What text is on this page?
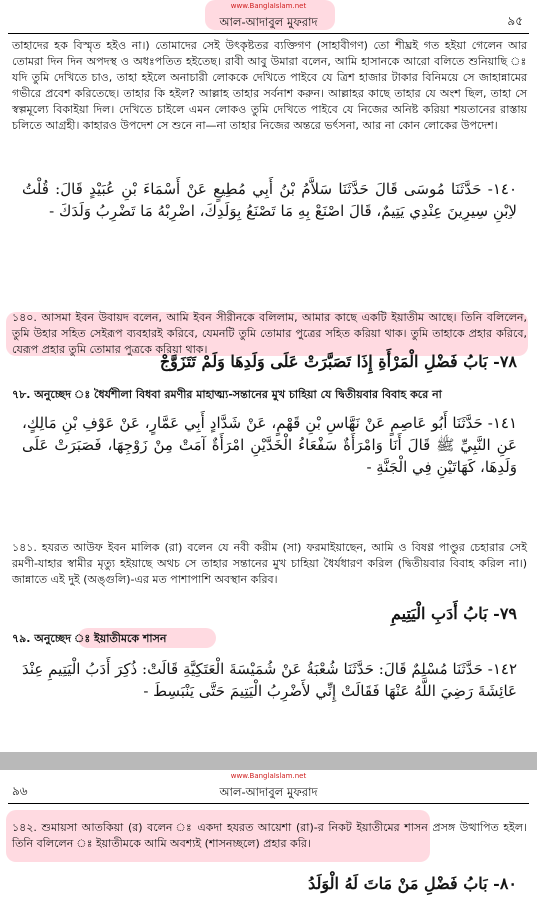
www.BanglaIslam.net
আল-আদাবুল মুফরাদ	৯৫
তাহাদের হক বিস্মৃত হইও না।) তোমাদের সেই উৎকৃষ্টতর ব্যক্তিগণ (সাহাবীগণ) তো শীঘ্রই গত হইয়া গেলেন আর তোমরা দিন দিন অপদস্থ ও অধঃপতিত হইতেছ। রাবী আবু উমারা বলেন, আমি হাসানকে আরো বলিতে শুনিয়াছি ঃ যদি তুমি দেখিতে চাও, তাহা হইলে অনাচারী লোককে দেখিতে পাইবে যে ত্রিশ হাজার টাকার বিনিময়ে সে জাহান্নামের গভীরে প্রবেশ করিতেছে। তাহার কি হইল? আল্লাহ তাহার সর্বনাশ করুন। আল্লাহর কাছে তাহার যে অংশ ছিল, তাহা সে স্বল্পমূল্যে বিকাইয়া দিল। দেখিতে চাইলে এমন লোকও তুমি দেখিতে পাইবে যে নিজের অনিষ্ট করিয়া শয়তানের রাস্তায় চলিতে আগ্রহী। কাহারও উপদেশ সে শুনে না—না তাহার নিজের অন্তরে ভর্ৎসনা, আর না কোন লোকের উপদেশ।
١٤٠- حَدَّثَنَا مُوسَى قَالَ حَدَّثَنَا سَلاَّمُ بْنُ أَبِي مُطِيعٍ عَنْ أَسْمَاءَ بْنِ عُبَيْدٍ قَالَ: قُلْتُ لاِبْنِ سِيرِينَ عِنْدِي يَتِيمٌ، قَالَ اصْنَعْ بِهِ مَا تَصْنَعُ بِوَلَدِكَ، اضْرِبْهُ مَا تَضْرِبُ وَلَدَكَ -
১৪০. আসমা ইবন উবায়দ বলেন, আমি ইবন সীরীনকে বলিলাম, আমার কাছে একটি ইয়াতীম আছে। তিনি বলিলেন, তুমি উহার সহিত সেইরূপ ব্যবহারই করিবে, যেমনটি তুমি তোমার পুত্রের সহিত করিয়া থাক। তুমি তাহাকে প্রহার করিবে, যেরূপ প্রহার তুমি তোমার পুত্রকে করিয়া থাক।
٧٨- بَابُ فَضْلِ الْمَرْأَةِ إِذَا تَصَبَّرَتْ عَلَى وَلَدِهَا وَلَمْ تَتَزَوَّجْ
৭৮. অনুচ্ছেদ ঃ ধৈর্যশীলা বিধবা রমণীর মাহাত্ম্য-সন্তানের মুখ চাহিয়া যে দ্বিতীয়বার বিবাহ করে না
١٤١- حَدَّثَنَا أَبُو عَاصِمٍ عَنْ نَهَّاسِ بْنِ قَهْمٍ، عَنْ شَدَّادٍ أَبِي عَمَّارٍ، عَنْ عَوْفِ بْنِ مَالِكٍ، عَنِ النَّبِيِّ ﷺ قَالَ أَنَا وَامْرَأَةٌ سَفْعَاءُ الْخَدَّيْنِ امْرَأَةٌ آمَتْ مِنْ زَوْجِهَا، فَصَبَرَتْ عَلَى وَلَدِهَا، كَهَاتَيْنِ فِي الْجَنَّةِ -
১৪১. হযরত আউফ ইবন মালিক (রা) বলেন যে নবী করীম (সা) ফরমাইয়াছেন, আমি ও বিষণ্ণ পাণ্ডুর চেহারার সেই রমণী-যাহার স্বামীর মৃত্যু হইয়াছে অথচ সে তাহার সন্তানের মুখ চাহিয়া ধৈর্যধারণ করিল (দ্বিতীয়বার বিবাহ করিল না।) জান্নাতে এই দুই (অঙ্গুলি)-এর মত পাশাপাশি অবস্থান করিব।
٧٩- بَابُ أَدَبِ الْيَتِيمِ
৭৯. অনুচ্ছেদ ঃ ইয়াতীমকে শাসন
١٤٢- حَدَّثَنَا مُسْلِمٌ قَالَ: حَدَّثَنَا شُعْبَةُ عَنْ شُمَيْسَةَ الْعَتَكِيَّةِ قَالَتْ: ذُكِرَ أَدَبُ الْيَتِيمِ عِنْدَ عَائِشَةَ رَضِيَ اللَّهُ عَنْهَا فَقَالَتْ إِنِّي لأَضْرِبُ الْيَتِيمَ حَتَّى يَنْبَسِطَ -
www.BanglaIslam.net
আল-আদাবুল মুফরাদ
৯৬
১৪২. শুমায়সা আতকিয়া (র) বলেন ঃ একদা হযরত আয়েশা (রা)-র নিকট ইয়াতীমের শাসন প্রসঙ্গ উত্থাপিত হইল। তিনি বলিলেন ঃ ইয়াতীমকে আমি অবশ্যই (শাসনচ্ছলে) প্রহার করি।
٨٠- بَابُ فَضْلِ مَنْ مَاتَ لَهُ الْوَلَدُ
